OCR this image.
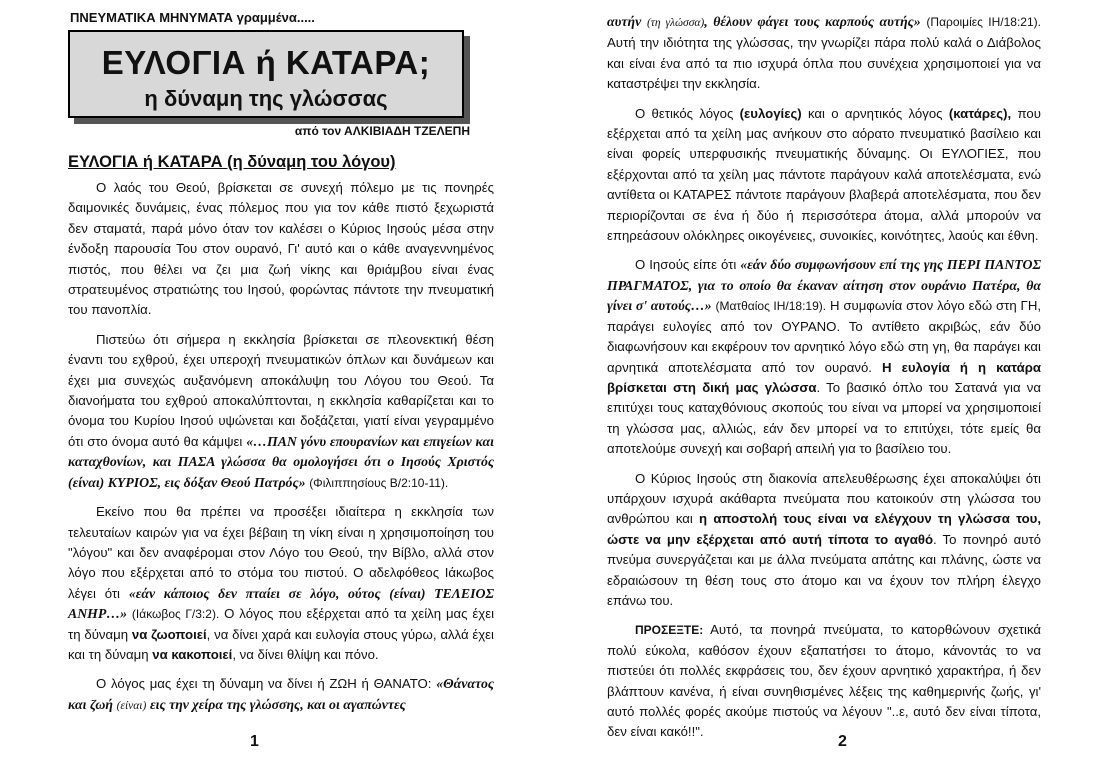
ΠΝΕΥΜΑΤΙΚΑ ΜΗΝΥΜΑΤΑ γραμμένα.....
ΕΥΛΟΓΙΑ ή ΚΑΤΑΡΑ;
η δύναμη της γλώσσας
από τον ΑΛΚΙΒΙΑΔΗ ΤΖΕΛΕΠΗ
ΕΥΛΟΓΙΑ ή ΚΑΤΑΡΑ (η δύναμη του λόγου)

Ο λαός του Θεού, βρίσκεται σε συνεχή πόλεμο με τις πονηρές δαιμονικές δυνάμεις, ένας πόλεμος που για τον κάθε πιστό ξεχωριστά δεν σταματά, παρά μόνο όταν τον καλέσει ο Κύριος Ιησούς μέσα στην ένδοξη παρουσία Του στον ουρανό, Γι' αυτό και ο κάθε αναγεννημένος πιστός, που θέλει να ζει μια ζωή νίκης και θριάμβου είναι ένας στρατευμένος στρατιώτης του Ιησού, φορώντας πάντοτε την πνευματική του πανοπλία.

Πιστεύω ότι σήμερα η εκκλησία βρίσκεται σε πλεονεκτική θέση έναντι του εχθρού, έχει υπεροχή πνευματικών όπλων και δυνάμεων και έχει μια συνεχώς αυξανόμενη αποκάλυψη του Λόγου του Θεού. Τα διανοήματα του εχθρού αποκαλύπτονται, η εκκλησία καθαρίζεται και το όνομα του Κυρίου Ιησού υψώνεται και δοξάζεται, γιατί είναι γεγραμμένο ότι στο όνομα αυτό θα κάμψει «…ΠΑΝ γόνυ επουρανίων και επιγείων και καταχθονίων, και ΠΑΣΑ γλώσσα θα ομολογήσει ότι ο Ιησούς Χριστός (είναι) ΚΥΡΙΟΣ, εις δόξαν Θεού Πατρός» (Φιλιππησίους Β/2:10-11).

Εκείνο που θα πρέπει να προσέξει ιδιαίτερα η εκκλησία των τελευταίων καιρών για να έχει βέβαιη τη νίκη είναι η χρησιμοποίηση του "λόγου" και δεν αναφέρομαι στον Λόγο του Θεού, την Βίβλο, αλλά στον λόγο που εξέρχεται από το στόμα του πιστού. Ο αδελφόθεος Ιάκωβος λέγει ότι «εάν κάποιος δεν πταίει σε λόγο, ούτος (είναι) ΤΕΛΕΙΟΣ ΑΝΗΡ…» (Ιάκωβος Γ/3:2). Ο λόγος που εξέρχεται από τα χείλη μας έχει τη δύναμη να ζωοποιεί, να δίνει χαρά και ευλογία στους γύρω, αλλά έχει και τη δύναμη να κακοποιεί, να δίνει θλίψη και πόνο.

Ο λόγος μας έχει τη δύναμη να δίνει ή ΖΩΗ ή ΘΑΝΑΤΟ: «Θάνατος και ζωή (είναι) εις την χείρα της γλώσσης, και οι αγαπώντες

1	2

αυτήν (τη γλώσσα), θέλουν φάγει τους καρπούς αυτής» (Παροιμίες ΙΗ/18:21). Αυτή την ιδιότητα της γλώσσας, την γνωρίζει πάρα πολύ καλά ο Διάβολος και είναι ένα από τα πιο ισχυρά όπλα που συνέχεια χρησιμοποιεί για να καταστρέψει την εκκλησία.

Ο θετικός λόγος (ευλογίες) και ο αρνητικός λόγος (κατάρες), που εξέρχεται από τα χείλη μας ανήκουν στο αόρατο πνευματικό βασίλειο και είναι φορείς υπερφυσικής πνευματικής δύναμης. Οι ΕΥΛΟΓΙΕΣ, που εξέρχονται από τα χείλη μας πάντοτε παράγουν καλά αποτελέσματα, ενώ αντίθετα οι ΚΑΤΑΡΕΣ πάντοτε παράγουν βλαβερά αποτελέσματα, που δεν περιορίζονται σε ένα ή δύο ή περισσότερα άτομα, αλλά μπορούν να επηρεάσουν ολόκληρες οικογένειες, συνοικίες, κοινότητες, λαούς και έθνη.

Ο Ιησούς είπε ότι «εάν δύο συμφωνήσουν επί της γης ΠΕΡΙ ΠΑΝΤΟΣ ΠΡΑΓΜΑΤΟΣ, για το οποίο θα έκαναν αίτηση στον ουράνιο Πατέρα, θα γίνει σ' αυτούς…» (Ματθαίος ΙΗ/18:19). Η συμφωνία στον λόγο εδώ στη ΓΗ, παράγει ευλογίες από τον ΟΥΡΑΝΟ. Το αντίθετο ακριβώς, εάν δύο διαφωνήσουν και εκφέρουν τον αρνητικό λόγο εδώ στη γη, θα παράγει και αρνητικά αποτελέσματα από τον ουρανό. Η ευλογία ή η κατάρα βρίσκεται στη δική μας γλώσσα. Το βασικό όπλο του Σατανά για να επιτύχει τους καταχθόνιους σκοπούς του είναι να μπορεί να χρησιμοποιεί τη γλώσσα μας, αλλιώς, εάν δεν μπορεί να το επιτύχει, τότε εμείς θα αποτελούμε συνεχή και σοβαρή απειλή για το βασίλειο του.

Ο Κύριος Ιησούς στη διακονία απελευθέρωσης έχει αποκαλύψει ότι υπάρχουν ισχυρά ακάθαρτα πνεύματα που κατοικούν στη γλώσσα του ανθρώπου και η αποστολή τους είναι να ελέγχουν τη γλώσσα του, ώστε να μην εξέρχεται από αυτή τίποτα το αγαθό. Το πονηρό αυτό πνεύμα συνεργάζεται και με άλλα πνεύματα απάτης και πλάνης, ώστε να εδραιώσουν τη θέση τους στο άτομο και να έχουν τον πλήρη έλεγχο επάνω του.

ΠΡΟΣΕΞΤΕ: Αυτό, τα πονηρά πνεύματα, το κατορθώνουν σχετικά πολύ εύκολα, καθόσον έχουν εξαπατήσει το άτομο, κάνοντάς το να πιστεύει ότι πολλές εκφράσεις του, δεν έχουν αρνητικό χαρακτήρα, ή δεν βλάπτουν κανένα, ή είναι συνηθισμένες λέξεις της καθημερινής ζωής, γι' αυτό πολλές φορές ακούμε πιστούς να λέγουν "..ε, αυτό δεν είναι τίποτα, δεν είναι κακό!!".
